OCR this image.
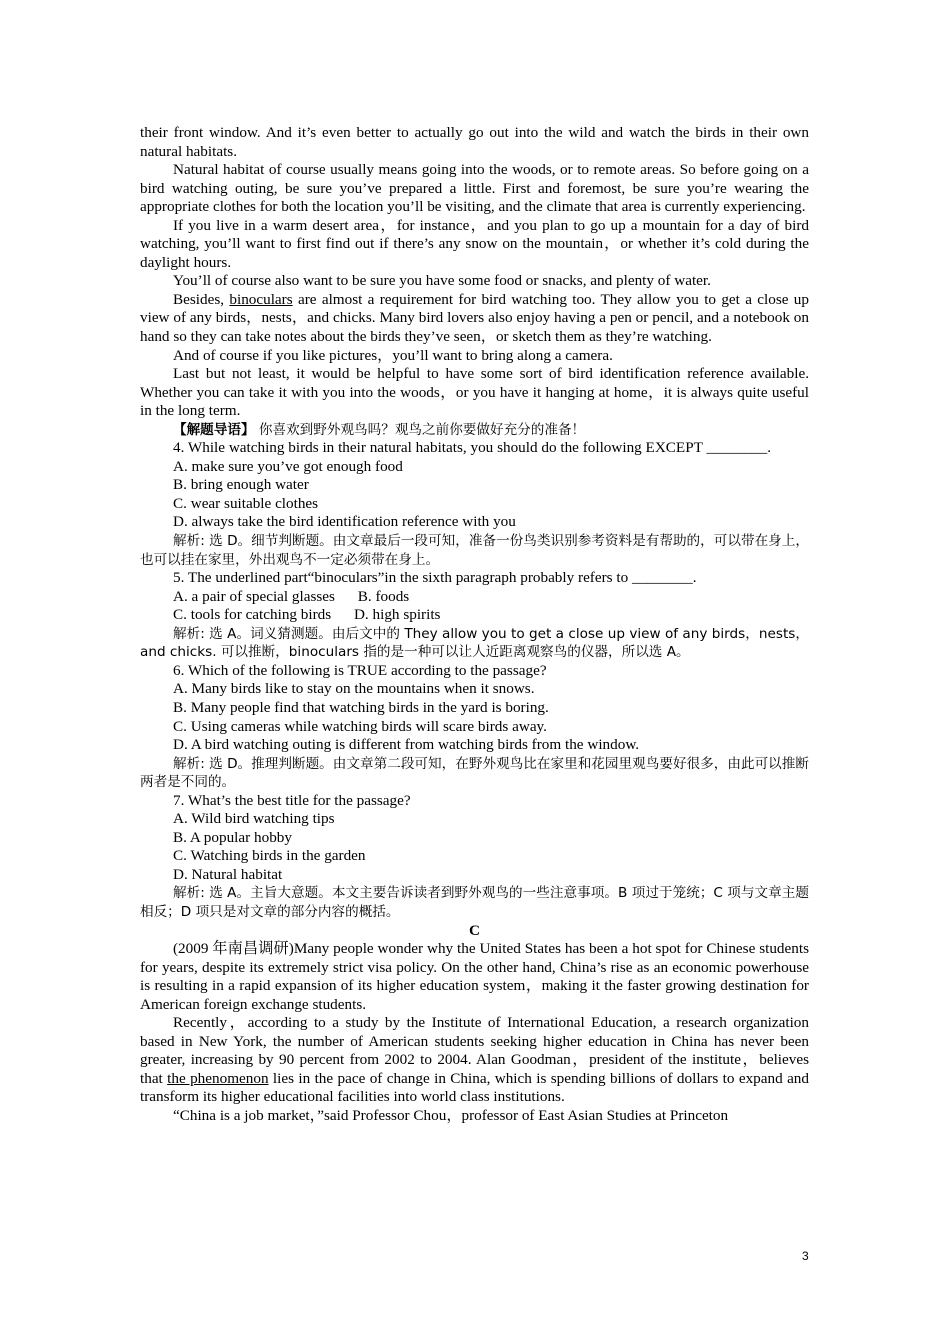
their front window. And it’s even better to actually go out into the wild and watch the birds in their own natural habitats.

Natural habitat of course usually means going into the woods, or to remote areas. So before going on a bird watching outing, be sure you’ve prepared a little. First and foremost, be sure you’re wearing the appropriate clothes for both the location you’ll be visiting, and the climate that area is currently experiencing.

If you live in a warm desert area，for instance，and you plan to go up a mountain for a day of bird watching, you’ll want to first find out if there’s any snow on the mountain，or whether it’s cold during the daylight hours.

You’ll of course also want to be sure you have some food or snacks, and plenty of water.

Besides, binoculars are almost a requirement for bird watching too. They allow you to get a close up view of any birds，nests，and chicks. Many bird lovers also enjoy having a pen or pencil, and a notebook on hand so they can take notes about the birds they’ve seen，or sketch them as they’re watching.

And of course if you like pictures，you’ll want to bring along a camera.

Last but not least, it would be helpful to have some sort of bird identification reference available. Whether you can take it with you into the woods，or you have it hanging at home，it is always quite useful in the long term.

【解题导语】 你喜欢到野外观鸟吗？观鸟之前你要做好充分的准备！

4. While watching birds in their natural habitats, you should do the following EXCEPT ________.

A. make sure you’ve got enough food

B. bring enough water

C. wear suitable clothes

D. always take the bird identification reference with you

解析: 选 D。细节判断题。由文章最后一段可知，准备一份鸟类识别参考资料是有帮助的，可以带在身上，也可以挂在家里，外出观鸟不一定必须带在身上。

5. The underlined part“binoculars”in the sixth paragraph probably refers to ________.

A. a pair of special glasses      B. foods

C. tools for catching birds      D. high spirits

解析: 选 A。词义猜测题。由后文中的 They allow you to get a close up view of any birds，nests，and chicks. 可以推断，binoculars 指的是一种可以让人近距离观察鸟的仪器，所以选 A。

6. Which of the following is TRUE according to the passage?

A. Many birds like to stay on the mountains when it snows.

B. Many people find that watching birds in the yard is boring.

C. Using cameras while watching birds will scare birds away.

D. A bird watching outing is different from watching birds from the window.

解析: 选 D。推理判断题。由文章第二段可知，在野外观鸟比在家里和花园里观鸟要好很多，由此可以推断两者是不同的。

7. What’s the best title for the passage?

A. Wild bird watching tips

B. A popular hobby

C. Watching birds in the garden

D. Natural habitat

解析: 选 A。主旨大意题。本文主要告诉读者到野外观鸟的一些注意事项。B 项过于笼统；C 项与文章主题相反；D 项只是对文章的部分内容的概括。

C

(2009 年南昌调研)Many people wonder why the United States has been a hot spot for Chinese students for years, despite its extremely strict visa policy. On the other hand, China’s rise as an economic powerhouse is resulting in a rapid expansion of its higher education system，making it the faster growing destination for American foreign exchange students.

Recently，according to a study by the Institute of International Education, a research organization based in New York, the number of American students seeking higher education in China has never been greater, increasing by 90 percent from 2002 to 2004. Alan Goodman，president of the institute，believes that the phenomenon lies in the pace of change in China, which is spending billions of dollars to expand and transform its higher educational facilities into world class institutions.

“China is a job market，”said Professor Chou，professor of East Asian Studies at Princeton

3
